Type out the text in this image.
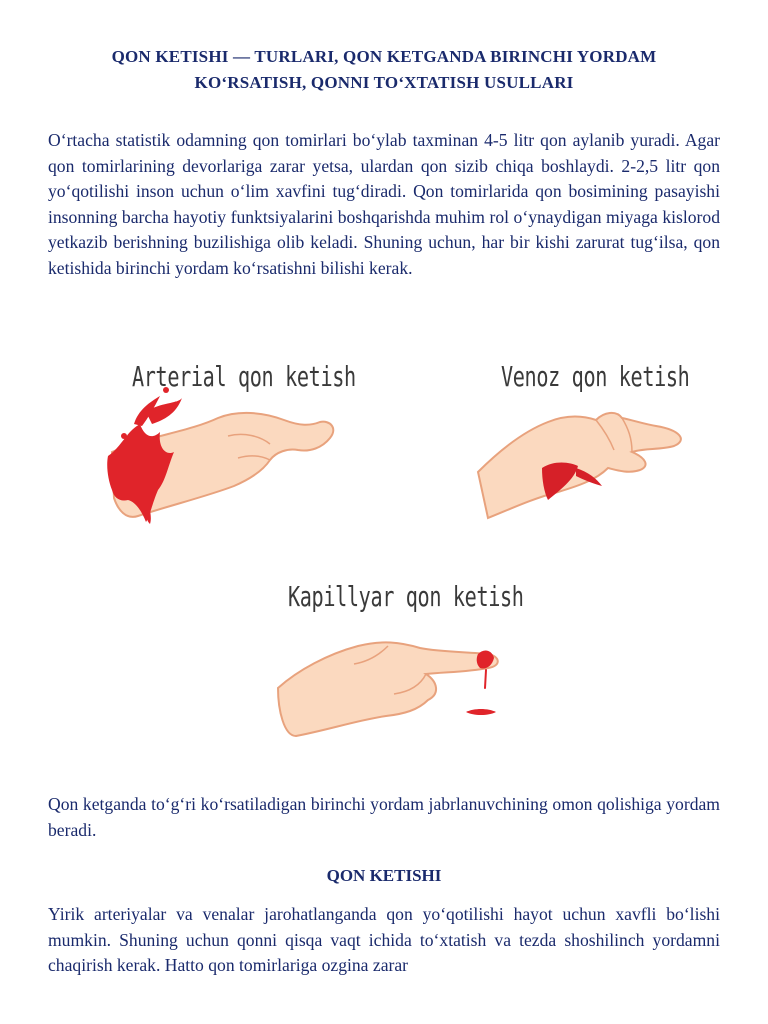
QON KETISHI — TURLARI, QON KETGANDA BIRINCHI YORDAM
KO‘RSATISH, QONNI TO‘XTATISH USULLARI

O‘rtacha statistik odamning qon tomirlari bo‘ylab taxminan 4-5 litr qon aylanib yuradi. Agar qon tomirlarining devorlariga zarar yetsa, ulardan qon sizib chiqa boshlaydi. 2-2,5 litr qon yo‘qotilishi inson uchun o‘lim xavfini tug‘diradi. Qon tomirlarida qon bosimining pasayishi insonning barcha hayotiy funktsiyalarini boshqarishda muhim rol o‘ynaydigan miyaga kislorod yetkazib berishning buzilishiga olib keladi. Shuning uchun, har bir kishi zarurat tug‘ilsa, qon ketishida birinchi yordam ko‘rsatishni bilishi kerak.

Arterial qon ketish	Venoz qon ketish
Kapillyar qon ketish

Qon ketganda to‘g‘ri ko‘rsatiladigan birinchi yordam jabrlanuvchining omon qolishiga yordam beradi.

QON KETISHI

Yirik arteriyalar va venalar jarohatlanganda qon yo‘qotilishi hayot uchun xavfli bo‘lishi mumkin. Shuning uchun qonni qisqa vaqt ichida to‘xtatish va tezda shoshilinch yordamni chaqirish kerak. Hatto qon tomirlariga ozgina zarar
